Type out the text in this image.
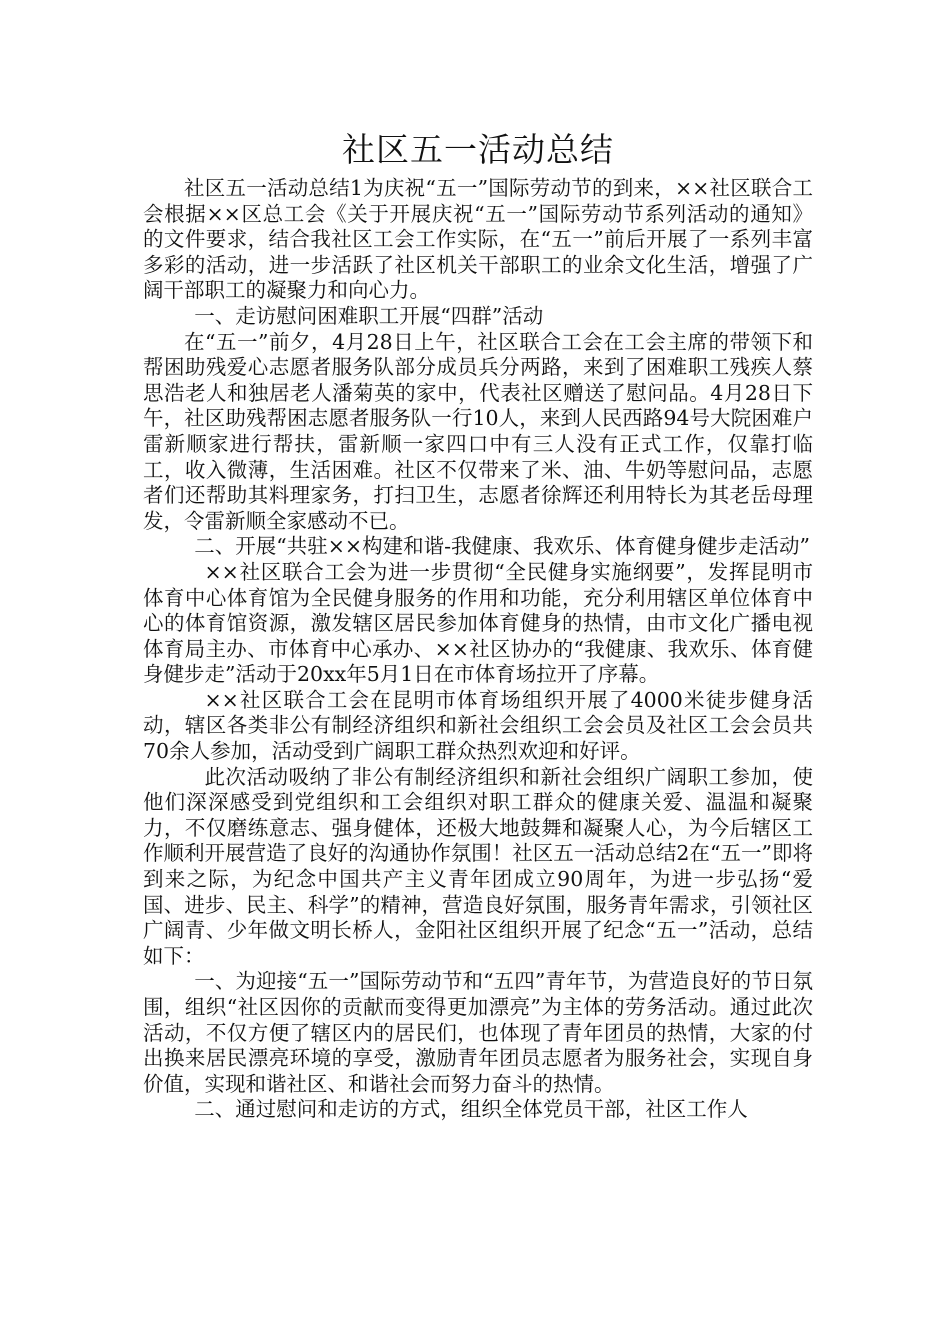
社区五一活动总结

社区五一活动总结1为庆祝“五一”国际劳动节的到来，××社区联合工会根据××区总工会《关于开展庆祝“五一”国际劳动节系列活动的通知》的文件要求，结合我社区工会工作实际，在“五一”前后开展了一系列丰富多彩的活动，进一步活跃了社区机关干部职工的业余文化生活，增强了广阔干部职工的凝聚力和向心力。

一、走访慰问困难职工开展“四群”活动

在“五一”前夕，4月28日上午，社区联合工会在工会主席的带领下和帮困助残爱心志愿者服务队部分成员兵分两路，来到了困难职工残疾人蔡思浩老人和独居老人潘菊英的家中，代表社区赠送了慰问品。4月28日下午，社区助残帮困志愿者服务队一行10人，来到人民西路94号大院困难户雷新顺家进行帮扶，雷新顺一家四口中有三人没有正式工作，仅靠打临工，收入微薄，生活困难。社区不仅带来了米、油、牛奶等慰问品，志愿者们还帮助其料理家务，打扫卫生，志愿者徐辉还利用特长为其老岳母理发，令雷新顺全家感动不已。

二、开展“共驻××构建和谐-我健康、我欢乐、体育健身健步走活动”

××社区联合工会为进一步贯彻“全民健身实施纲要”，发挥昆明市体育中心体育馆为全民健身服务的作用和功能，充分利用辖区单位体育中心的体育馆资源，激发辖区居民参加体育健身的热情，由市文化广播电视体育局主办、市体育中心承办、××社区协办的“我健康、我欢乐、体育健身健步走”活动于20xx年5月1日在市体育场拉开了序幕。

××社区联合工会在昆明市体育场组织开展了4000米徒步健身活动，辖区各类非公有制经济组织和新社会组织工会会员及社区工会会员共70余人参加，活动受到广阔职工群众热烈欢迎和好评。

此次活动吸纳了非公有制经济组织和新社会组织广阔职工参加，使他们深深感受到党组织和工会组织对职工群众的健康关爱、温温和凝聚力，不仅磨练意志、强身健体，还极大地鼓舞和凝聚人心，为今后辖区工作顺利开展营造了良好的沟通协作氛围！社区五一活动总结2在“五一”即将到来之际，为纪念中国共产主义青年团成立90周年，为进一步弘扬“爱国、进步、民主、科学”的精神，营造良好氛围，服务青年需求，引领社区广阔青、少年做文明长桥人，金阳社区组织开展了纪念“五一”活动，总结如下：

一、为迎接“五一”国际劳动节和“五四”青年节，为营造良好的节日氛围，组织“社区因你的贡献而变得更加漂亮”为主体的劳务活动。通过此次活动，不仅方便了辖区内的居民们，也体现了青年团员的热情，大家的付出换来居民漂亮环境的享受，激励青年团员志愿者为服务社会，实现自身价值，实现和谐社区、和谐社会而努力奋斗的热情。

二、通过慰问和走访的方式，组织全体党员干部，社区工作人
